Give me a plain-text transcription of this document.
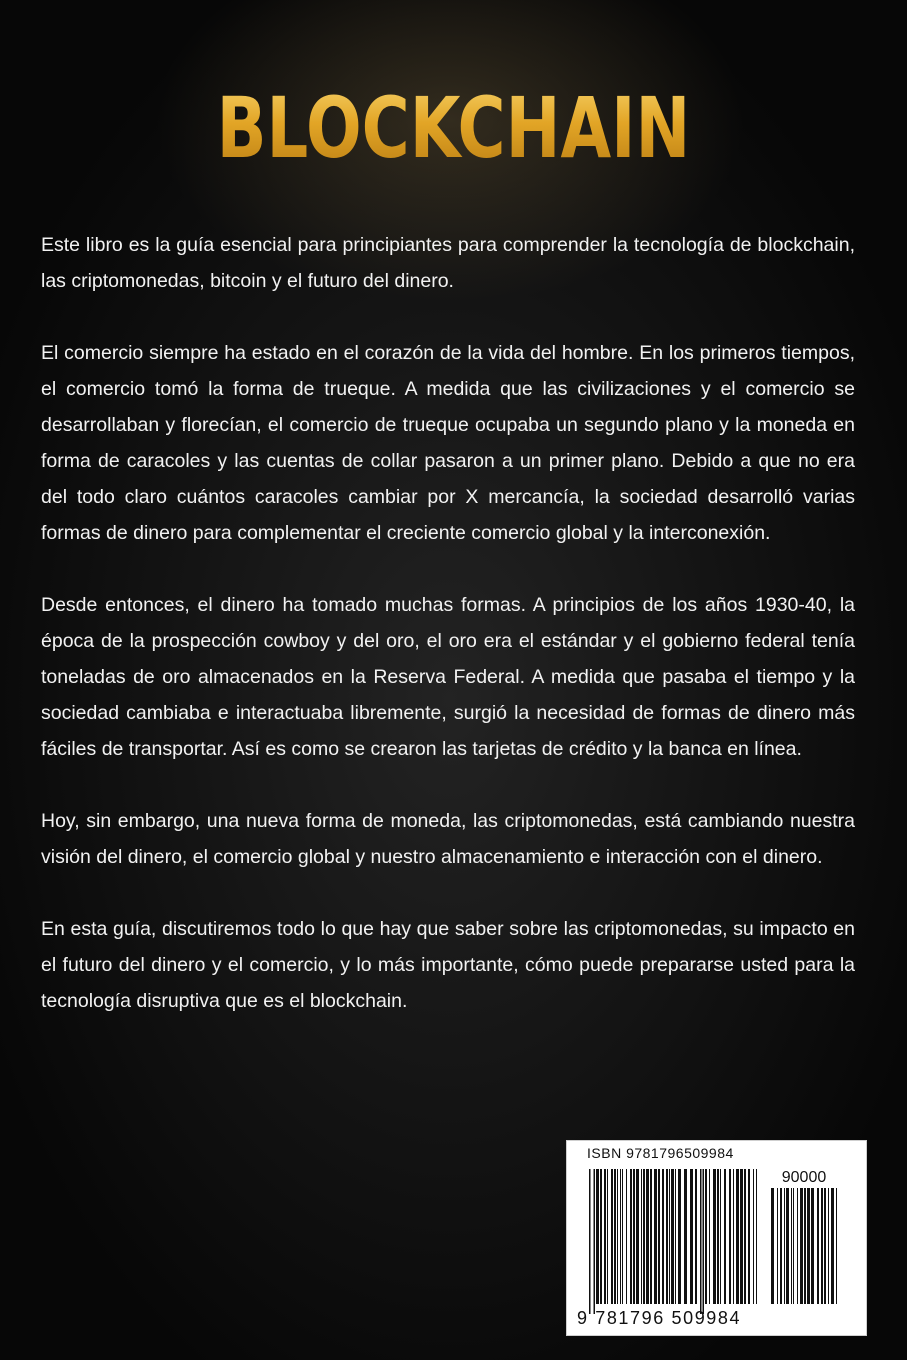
BLOCKCHAIN

Este libro es la guía esencial para principiantes para comprender la tecnología de blockchain, las criptomonedas, bitcoin y el futuro del dinero.

El comercio siempre ha estado en el corazón de la vida del hombre. En los primeros tiempos, el comercio tomó la forma de trueque. A medida que las civilizaciones y el comercio se desarrollaban y florecían, el comercio de trueque ocupaba un segundo plano y la moneda en forma de caracoles y las cuentas de collar pasaron a un primer plano. Debido a que no era del todo claro cuántos caracoles cambiar por X mercancía, la sociedad desarrolló varias formas de dinero para complementar el creciente comercio global y la interconexión.

Desde entonces, el dinero ha tomado muchas formas. A principios de los años 1930-40, la época de la prospección cowboy y del oro, el oro era el estándar y el gobierno federal tenía toneladas de oro almacenados en la Reserva Federal. A medida que pasaba el tiempo y la sociedad cambiaba e interactuaba libremente, surgió la necesidad de formas de dinero más fáciles de transportar. Así es como se crearon las tarjetas de crédito y la banca en línea.

Hoy, sin embargo, una nueva forma de moneda, las criptomonedas, está cambiando nuestra visión del dinero, el comercio global y nuestro almacenamiento e interacción con el dinero.

En esta guía, discutiremos todo lo que hay que saber sobre las criptomonedas, su impacto en el futuro del dinero y el comercio, y lo más importante, cómo puede prepararse usted para la tecnología disruptiva que es el blockchain.

ISBN 9781796509984
90000
9 781796 509984
